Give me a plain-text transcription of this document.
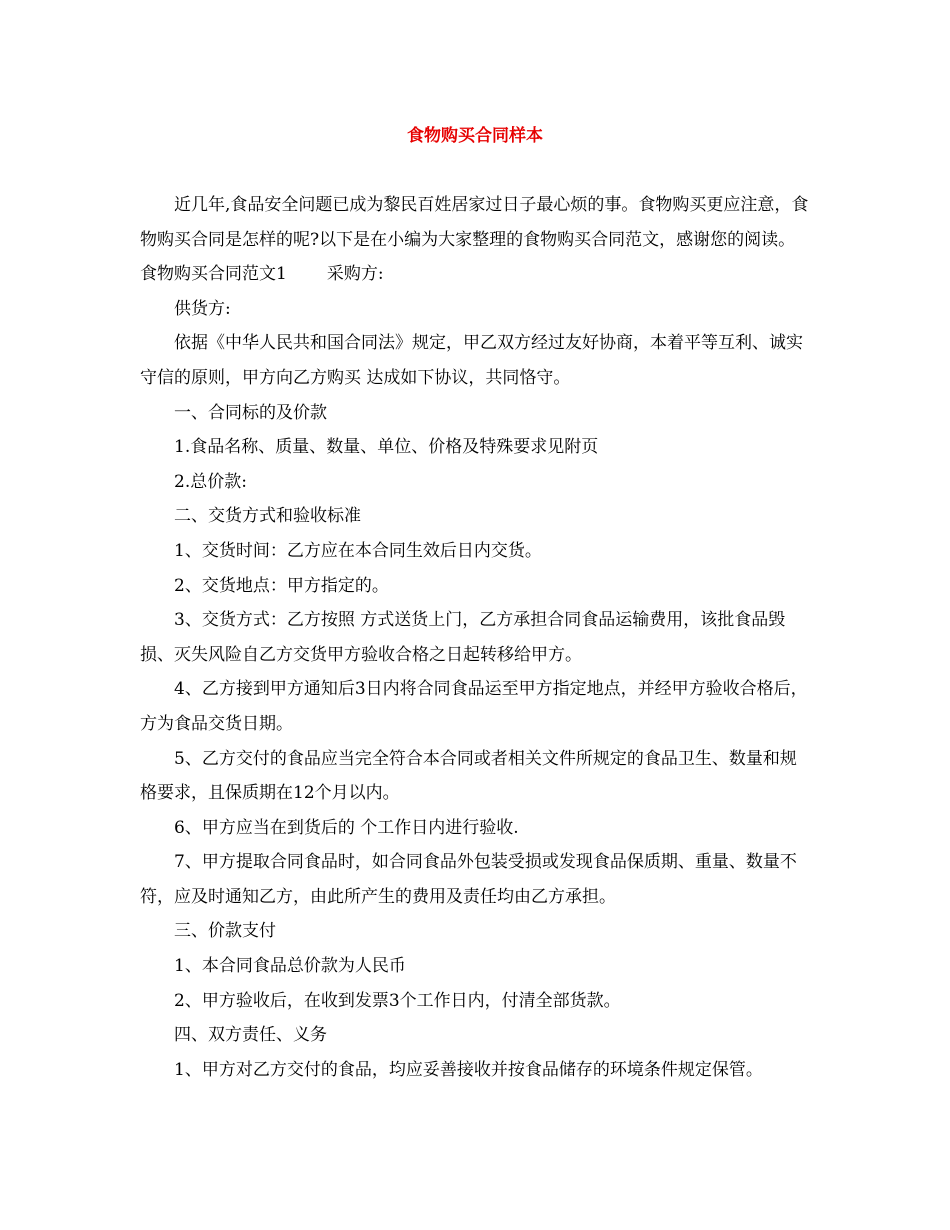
食物购买合同样本

近几年,食品安全问题已成为黎民百姓居家过日子最心烦的事。食物购买更应注意，食物购买合同是怎样的呢?以下是在小编为大家整理的食物购买合同范文，感谢您的阅读。

食物购买合同范文1 采购方:

供货方:

依据《中华人民共和国合同法》规定，甲乙双方经过友好协商，本着平等互利、诚实守信的原则，甲方向乙方购买 达成如下协议，共同恪守。

一、合同标的及价款

1.食品名称、质量、数量、单位、价格及特殊要求见附页

2.总价款:

二、交货方式和验收标准

1、交货时间：乙方应在本合同生效后日内交货。

2、交货地点：甲方指定的。

3、交货方式：乙方按照 方式送货上门，乙方承担合同食品运输费用，该批食品毁损、灭失风险自乙方交货甲方验收合格之日起转移给甲方。

4、乙方接到甲方通知后3日内将合同食品运至甲方指定地点，并经甲方验收合格后，方为食品交货日期。

5、乙方交付的食品应当完全符合本合同或者相关文件所规定的食品卫生、数量和规格要求，且保质期在12个月以内。

6、甲方应当在到货后的 个工作日内进行验收.

7、甲方提取合同食品时，如合同食品外包装受损或发现食品保质期、重量、数量不符，应及时通知乙方，由此所产生的费用及责任均由乙方承担。

三、价款支付

1、本合同食品总价款为人民币

2、甲方验收后，在收到发票3个工作日内，付清全部货款。

四、双方责任、义务

1、甲方对乙方交付的食品，均应妥善接收并按食品储存的环境条件规定保管。
